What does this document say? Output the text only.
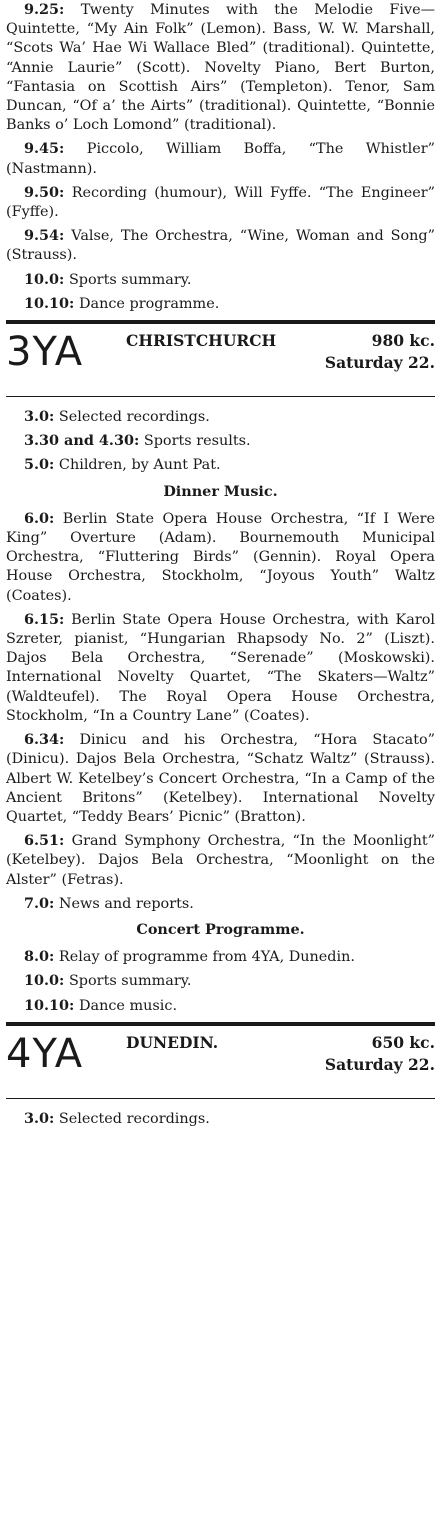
9.25: Twenty Minutes with the Melodie Five—Quintette, “My Ain Folk” (Lemon). Bass, W. W. Marshall, “Scots Wa’ Hae Wi Wallace Bled” (traditional). Quintette, “Annie Laurie” (Scott). Novelty Piano, Bert Burton, “Fantasia on Scottish Airs” (Templeton). Tenor, Sam Duncan, “Of a’ the Airts” (traditional). Quintette, “Bonnie Banks o’ Loch Lomond” (traditional).

9.45: Piccolo, William Boffa, “The Whistler” (Nastmann).

9.50: Recording (humour), Will Fyffe. “The Engineer” (Fyffe).

9.54: Valse, The Orchestra, “Wine, Woman and Song” (Strauss).

10.0: Sports summary.

10.10: Dance programme.

3YA	CHRISTCHURCH	980 kc.
Saturday 22.

3.0: Selected recordings.

3.30 and 4.30: Sports results.

5.0: Children, by Aunt Pat.

Dinner Music.

6.0: Berlin State Opera House Orchestra, “If I Were King” Overture (Adam). Bournemouth Municipal Orchestra, “Fluttering Birds” (Gennin). Royal Opera House Orchestra, Stockholm, “Joyous Youth” Waltz (Coates).

6.15: Berlin State Opera House Orchestra, with Karol Szreter, pianist, “Hungarian Rhapsody No. 2” (Liszt). Dajos Bela Orchestra, “Serenade” (Moskowski). International Novelty Quartet, “The Skaters—Waltz” (Waldteufel). The Royal Opera House Orchestra, Stockholm, “In a Country Lane” (Coates).

6.34: Dinicu and his Orchestra, “Hora Stacato” (Dinicu). Dajos Bela Orchestra, “Schatz Waltz” (Strauss). Albert W. Ketelbey’s Concert Orchestra, “In a Camp of the Ancient Britons” (Ketelbey). International Novelty Quartet, “Teddy Bears’ Picnic” (Bratton).

6.51: Grand Symphony Orchestra, “In the Moonlight” (Ketelbey). Dajos Bela Orchestra, “Moonlight on the Alster” (Fetras).

7.0: News and reports.

Concert Programme.

8.0: Relay of programme from 4YA, Dunedin.

10.0: Sports summary.

10.10: Dance music.

4YA	DUNEDIN.	650 kc.
Saturday 22.

3.0: Selected recordings.
